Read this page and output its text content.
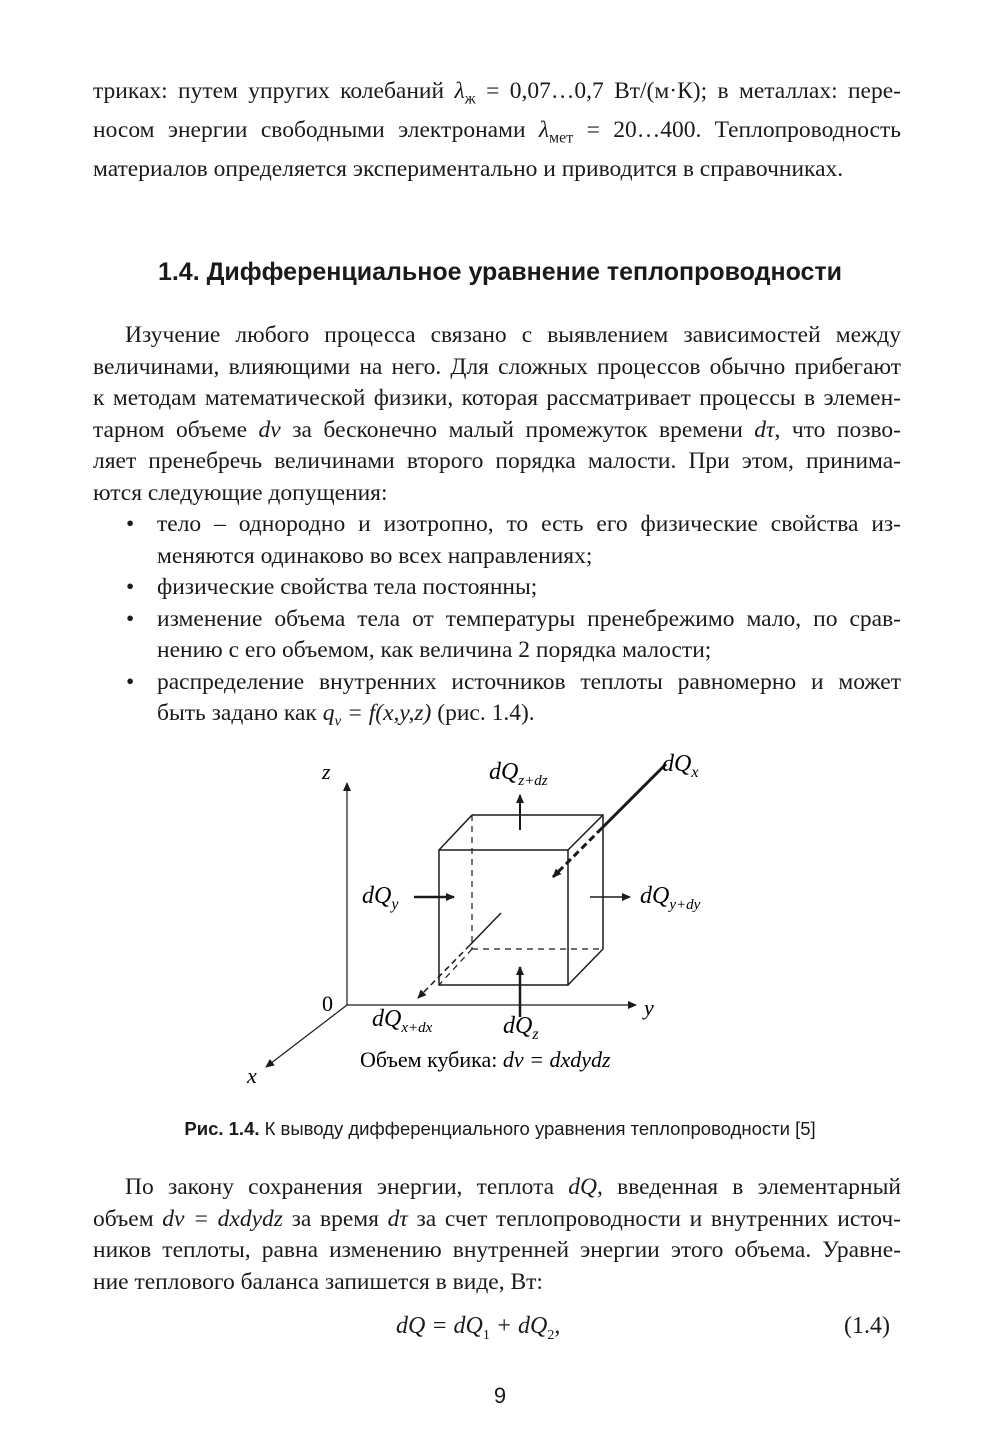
триках: путем упругих колебаний $\lambda_ж$ = 0,07…0,7 Вт/(м·К); в металлах: пере-
носом энергии свободными электронами $\lambda_{мет}$ = 20…400. Теплопроводность
материалов определяется экспериментально и приводится в справочниках.
1.4. Дифференциальное уравнение теплопроводности
Изучение любого процесса связано с выявлением зависимостей между
величинами, влияющими на него. Для сложных процессов обычно прибегают
к методам математической физики, которая рассматривает процессы в элемен-
тарном объеме dv за бесконечно малый промежуток времени dτ, что позво-
ляет пренебречь величинами второго порядка малости. При этом, принима-
ются следующие допущения:
• тело – однородно и изотропно, то есть его физические свойства из-
меняются одинаково во всех направлениях;
• физические свойства тела постоянны;
• изменение объема тела от температуры пренебрежимо мало, по срав-
нению с его объемом, как величина 2 порядка малости;
• распределение внутренних источников теплоты равномерно и может
быть задано как $q_v = f(x,y,z)$ (рис. 1.4).
z
y
x
0
$dQ_{z+dz}$
$dQ_x$
$dQ_y$	$dQ_{y+dy}$
$dQ_{x+dx}$	$dQ_z$
Объем кубика: dv = dxdydz
Рис. 1.4. К выводу дифференциального уравнения теплопроводности [5]
По закону сохранения энергии, теплота dQ, введенная в элементарный
объем dv = dxdydz за время dτ за счет теплопроводности и внутренних источ-
ников теплоты, равна изменению внутренней энергии этого объема. Уравне-
ние теплового баланса запишется в виде, Вт:
dQ = $dQ_1 + dQ_2$,	(1.4)
9
